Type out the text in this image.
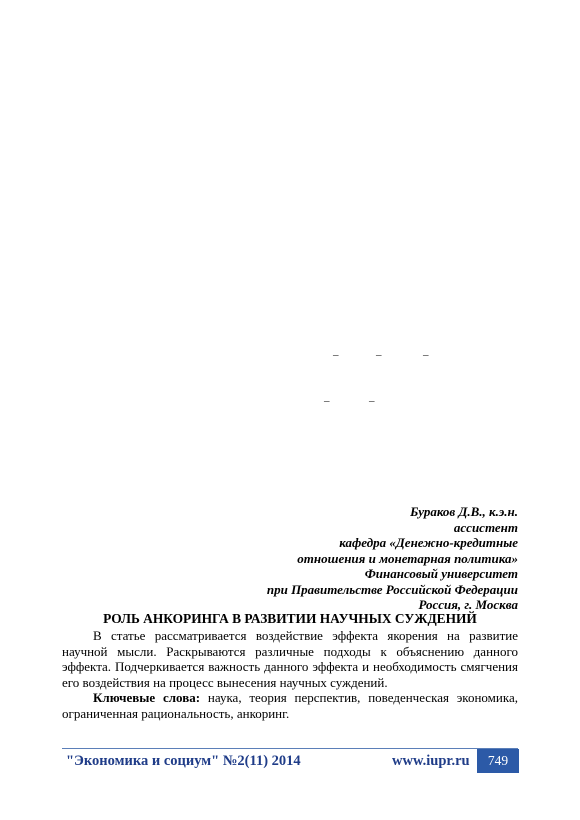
–	–	–
–	–
Бураков Д.В., к.э.н.
ассистент
кафедра «Денежно-кредитные
отношения и монетарная политика»
Финансовый университет
при Правительстве Российской Федерации
Россия, г. Москва
РОЛЬ АНКОРИНГА В РАЗВИТИИ НАУЧНЫХ СУЖДЕНИЙ

В статье рассматривается воздействие эффекта якорения на развитие научной мысли. Раскрываются различные подходы к объяснению данного эффекта. Подчеркивается важность данного эффекта и необходимость смягчения его воздействия на процесс вынесения научных суждений.

Ключевые слова: наука, теория перспектив, поведенческая экономика, ограниченная рациональность, анкоринг.

"Экономика и социум" №2(11) 2014	www.iupr.ru 749
